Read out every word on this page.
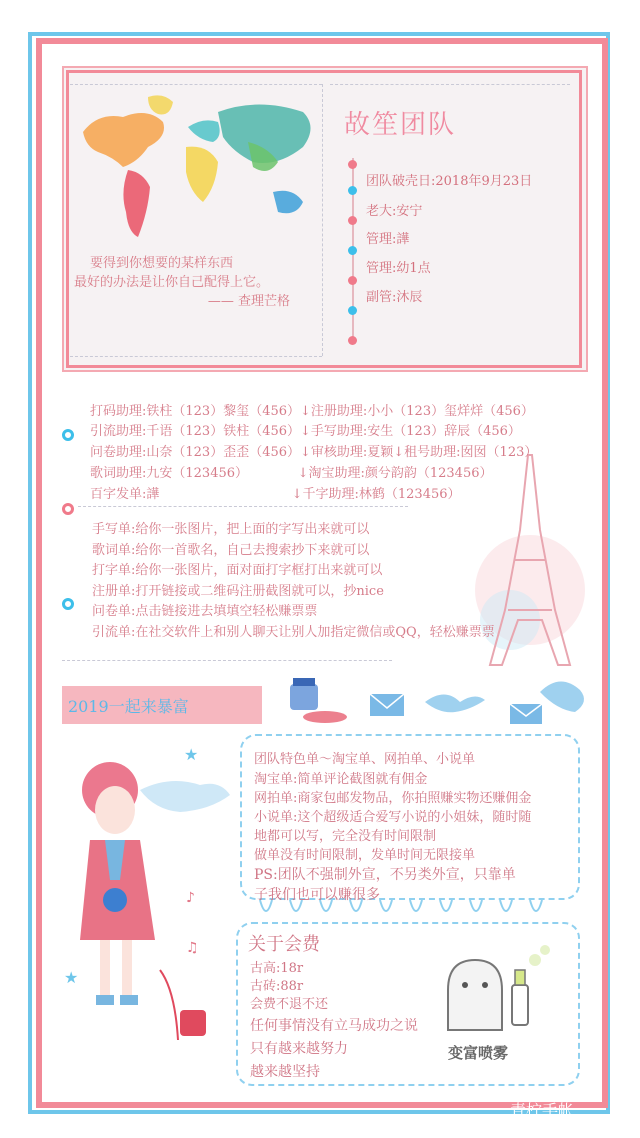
要得到你想要的某样东西
最好的办法是让你自己配得上它。
—— 查理芒格
故笙团队
团队破壳日:2018年9月23日
老大:安宁
管理:譁
管理:幼1点
副管:沐辰
打码助理:铁柱（123）黎玺（456）↓注册助理:小小（123）玺烊烊（456）
引流助理:千语（123）铁柱（456）↓手写助理:安生（123）辞辰（456）
问卷助理:山奈（123）歪歪（456）↓审核助理:夏颖↓租号助理:囡囡（123）
歌词助理:九安（123456）            ↓淘宝助理:颜兮韵韵（123456）
百字发单:譁                                ↓千字助理:林鹤（123456）
手写单:给你一张图片，把上面的字写出来就可以
歌词单:给你一首歌名，自己去搜索抄下来就可以
打字单:给你一张图片，面对面打字框打出来就可以
注册单:打开链接或二维码注册截图就可以，抄nice
问卷单:点击链接进去填填空轻松赚票票
引流单:在社交软件上和别人聊天让别人加指定微信或QQ，轻松赚票票
2019一起来暴富
★
★
♪
♫
团队特色单～淘宝单、网拍单、小说单
淘宝单:简单评论截图就有佣金
网拍单:商家包邮发物品，你拍照赚实物还赚佣金
小说单:这个超级适合爱写小说的小姐妹，随时随
地都可以写，完全没有时间限制
做单没有时间限制，发单时间无限接单
PS:团队不强制外宣，不另类外宣，只靠单
子我们也可以赚很多
关于会费
古高:18r
古砖:88r
会费不退不还
任何事情没有立马成功之说
只有越来越努力
越来越坚持
变富喷雾
青柠手帐
